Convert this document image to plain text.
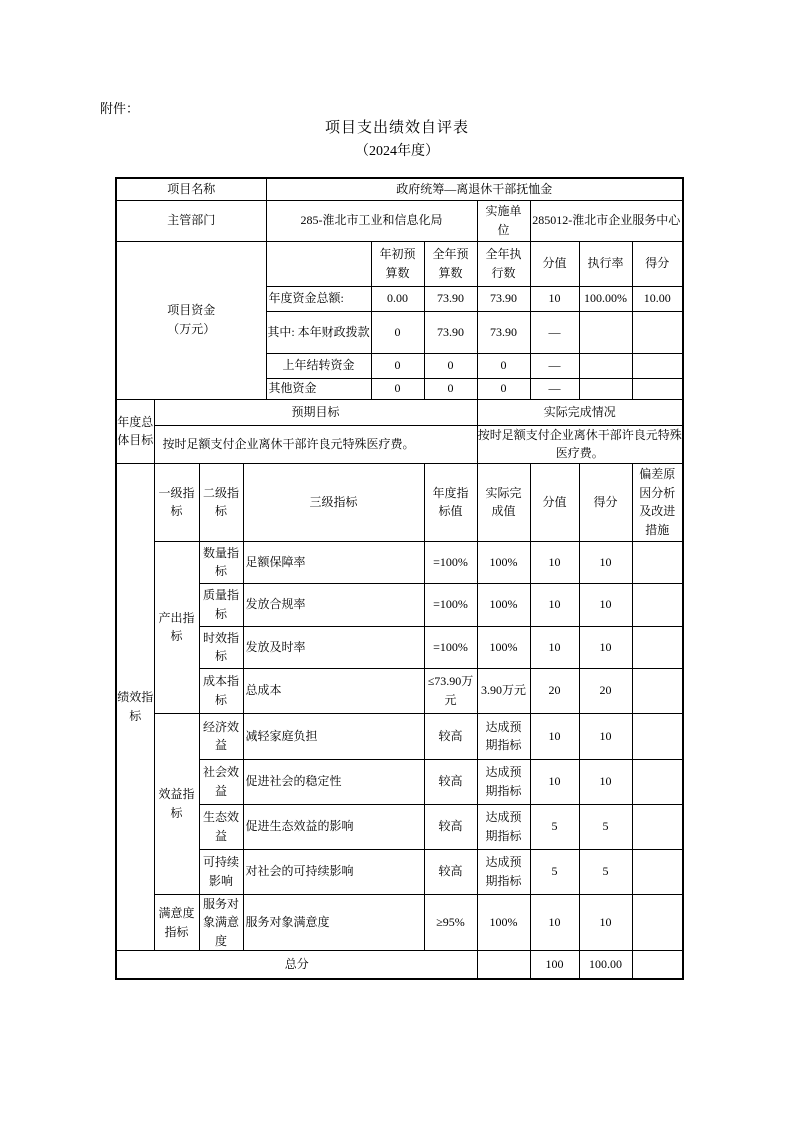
附件：
项目支出绩效自评表
（2024年度）
项目名称				政府统筹—离退休干部抚恤金						
主管部门				285-淮北市工业和信息化局			实施单位	285012-淮北市企业服务中心		

项目资金（万元）					年初预算数	全年预算数	全年执行数	分值	执行率	得分
				年度资金总额:	0.00	73.90	73.90	10	100.00%	10.00
				其中: 本年财政拨款	0	73.90	73.90	—		
				上年结转资金	0	0	0	—		
				其他资金	0	0	0	—		
年度总体目标	预期目标						实际完成情况			
	按时足额支付企业离休干部许良元特殊医疗费。						按时足额支付企业离休干部许良元特殊医疗费。			
绩效指标	一级指标	二级指标	三级指标			年度指标值	实际完成值	分值	得分	偏差原因分析及改进措施

	产出指标	数量指标	足额保障率			=100%	100%	10	10	
		质量指标	发放合规率			=100%	100%	10	10	
		时效指标	发放及时率			=100%	100%	10	10	
		成本指标	总成本			≤73.90万元	3.90万元	20	20	
	效益指标	经济效益	减轻家庭负担			较高	达成预期指标	10	10	
		社会效益	促进社会的稳定性			较高	达成预期指标	10	10	
		生态效益	促进生态效益的影响			较高	达成预期指标	5	5	
		可持续影响	对社会的可持续影响			较高	达成预期指标	5	5	
	满意度指标	服务对象满意度	服务对象满意度			≥95%	100%	10	10	
总分								100	100.00	
